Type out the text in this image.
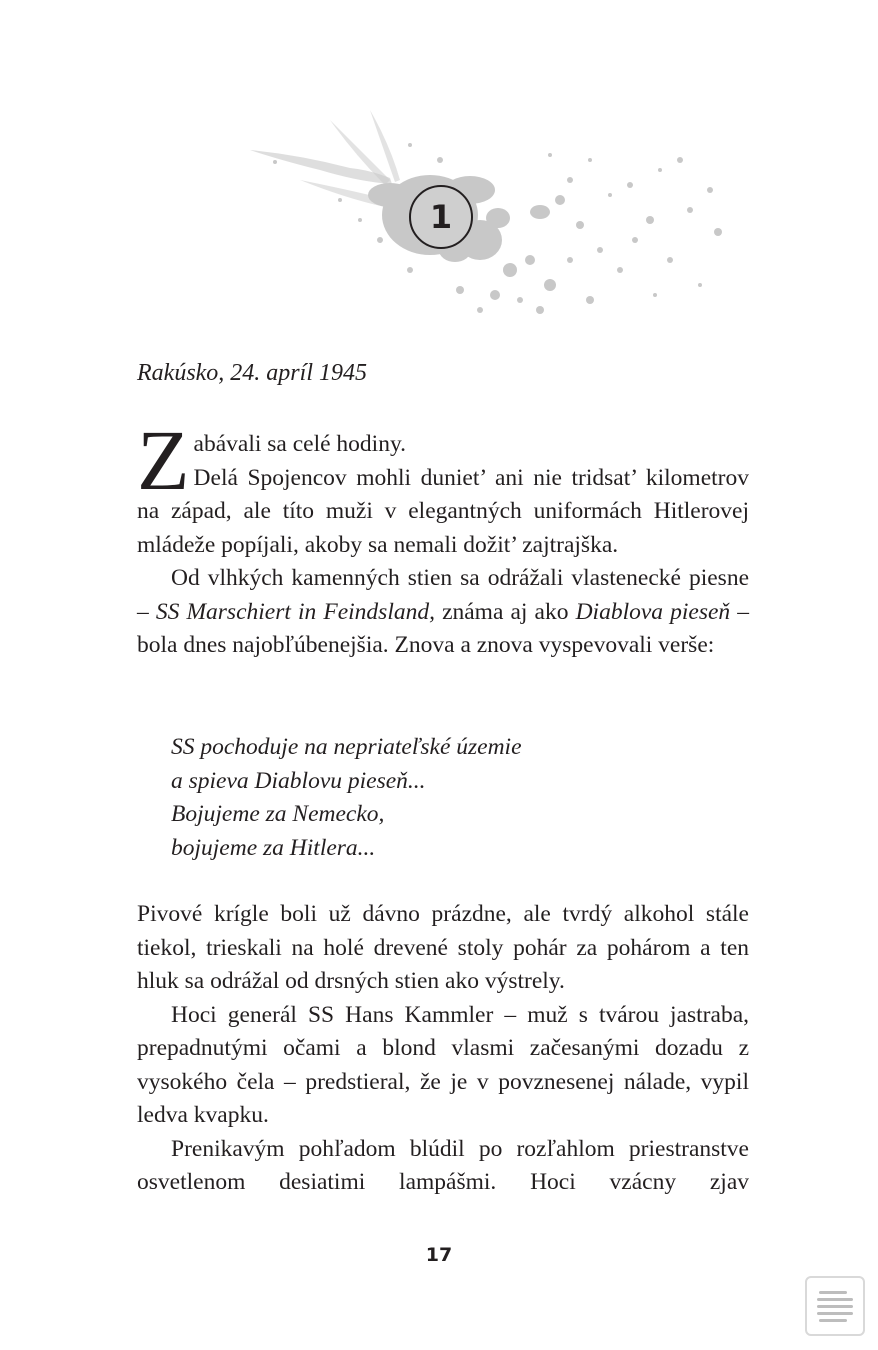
1
Rakúsko, 24. apríl 1945

Zabávali sa celé hodiny.

Delá Spojencov mohli duniet’ ani nie tridsat’ kilometrov na západ, ale títo muži v elegantných uniformách Hitlerovej mládeže popíjali, akoby sa nemali dožit’ zajtrajška.

Od vlhkých kamenných stien sa odrážali vlastenecké piesne – SS Marschiert in Feindsland, známa aj ako Diablova pieseň – bola dnes najobľúbenejšia. Znova a znova vyspevovali verše:

SS pochoduje na nepriateľské územie
a spieva Diablovu pieseň...
Bojujeme za Nemecko,
bojujeme za Hitlera...

Pivové krígle boli už dávno prázdne, ale tvrdý alkohol stále tiekol, trieskali na holé drevené stoly pohár za pohárom a ten hluk sa odrážal od drsných stien ako výstrely.

Hoci generál SS Hans Kammler – muž s tvárou jastraba, prepadnutými očami a blond vlasmi začesanými dozadu z vysokého čela – predstieral, že je v povznesenej nálade, vypil ledva kvapku.

Prenikavým pohľadom blúdil po rozľahlom priestranstve osvetlenom desiatimi lampášmi. Hoci vzácny zjav

17
